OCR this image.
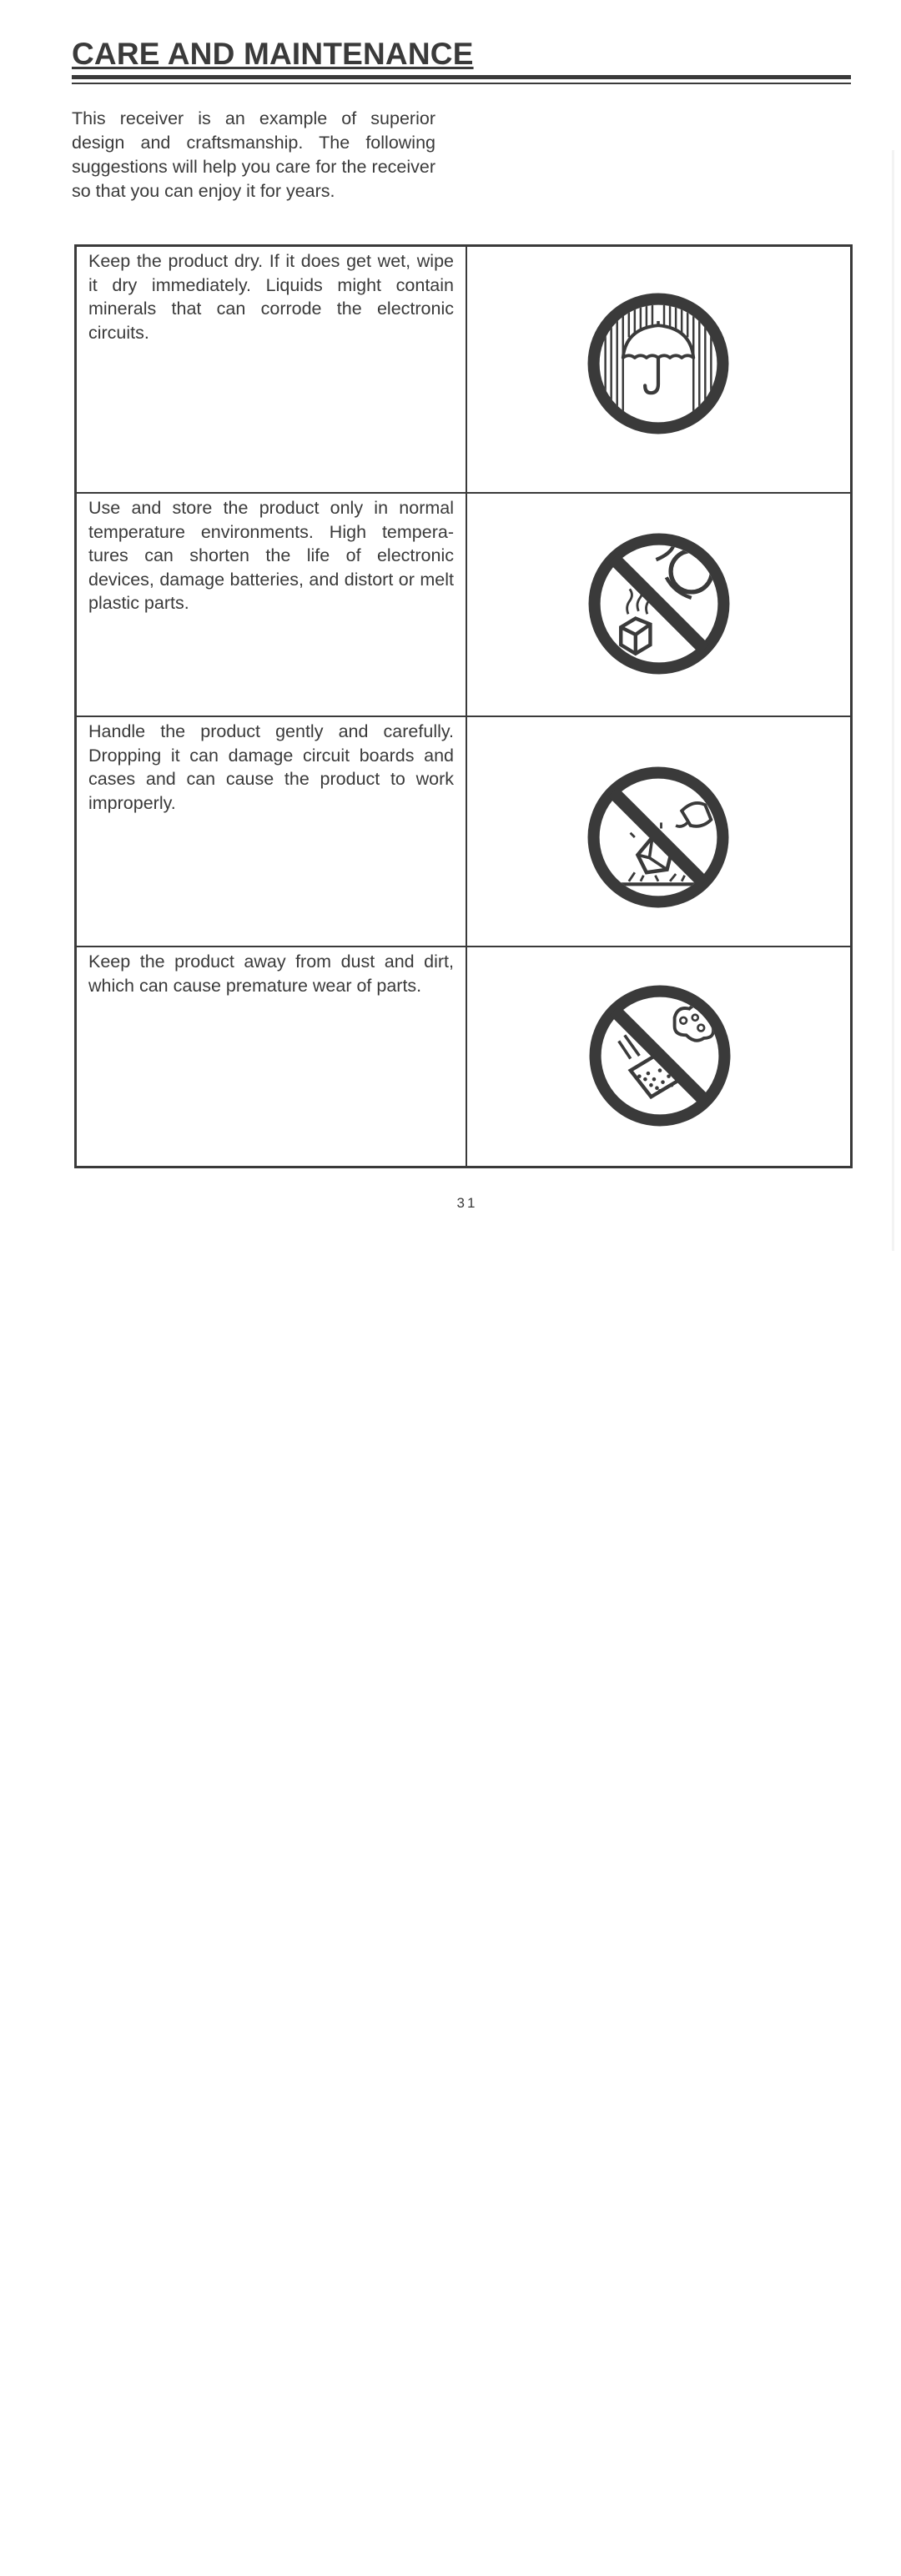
CARE AND MAINTENANCE

This receiver is an example of superior design and craftsmanship. The following suggestions will help you care for the receiver so that you can enjoy it for years.

Keep the product dry. If it does get wet, wipe it dry immediately. Liquids might contain minerals that can corrode the electronic circuits.

Use and store the product only in normal temperature environments. High tempera-tures can shorten the life of electronic devices, damage batteries, and distort or melt plastic parts.

Handle the product gently and carefully. Dropping it can damage circuit boards and cases and can cause the product to work improperly.

Keep the product away from dust and dirt, which can cause premature wear of parts.

31
